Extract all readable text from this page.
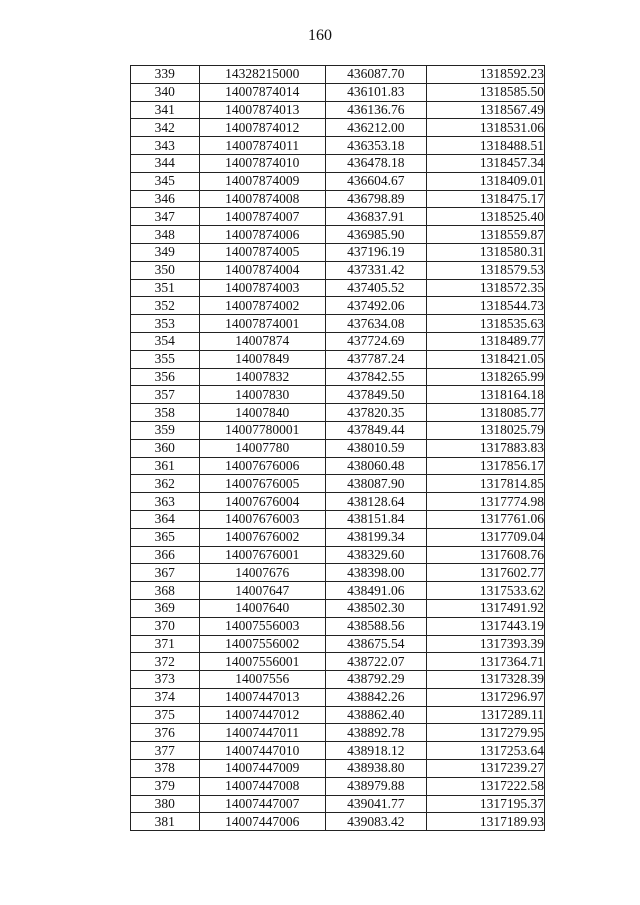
160
339	14328215000	436087.70	1318592.23
340	14007874014	436101.83	1318585.50
341	14007874013	436136.76	1318567.49
342	14007874012	436212.00	1318531.06
343	14007874011	436353.18	1318488.51
344	14007874010	436478.18	1318457.34
345	14007874009	436604.67	1318409.01
346	14007874008	436798.89	1318475.17
347	14007874007	436837.91	1318525.40
348	14007874006	436985.90	1318559.87
349	14007874005	437196.19	1318580.31
350	14007874004	437331.42	1318579.53
351	14007874003	437405.52	1318572.35
352	14007874002	437492.06	1318544.73
353	14007874001	437634.08	1318535.63
354	14007874	437724.69	1318489.77
355	14007849	437787.24	1318421.05
356	14007832	437842.55	1318265.99
357	14007830	437849.50	1318164.18
358	14007840	437820.35	1318085.77
359	14007780001	437849.44	1318025.79
360	14007780	438010.59	1317883.83
361	14007676006	438060.48	1317856.17
362	14007676005	438087.90	1317814.85
363	14007676004	438128.64	1317774.98
364	14007676003	438151.84	1317761.06
365	14007676002	438199.34	1317709.04
366	14007676001	438329.60	1317608.76
367	14007676	438398.00	1317602.77
368	14007647	438491.06	1317533.62
369	14007640	438502.30	1317491.92
370	14007556003	438588.56	1317443.19
371	14007556002	438675.54	1317393.39
372	14007556001	438722.07	1317364.71
373	14007556	438792.29	1317328.39
374	14007447013	438842.26	1317296.97
375	14007447012	438862.40	1317289.11
376	14007447011	438892.78	1317279.95
377	14007447010	438918.12	1317253.64
378	14007447009	438938.80	1317239.27
379	14007447008	438979.88	1317222.58
380	14007447007	439041.77	1317195.37
381	14007447006	439083.42	1317189.93
